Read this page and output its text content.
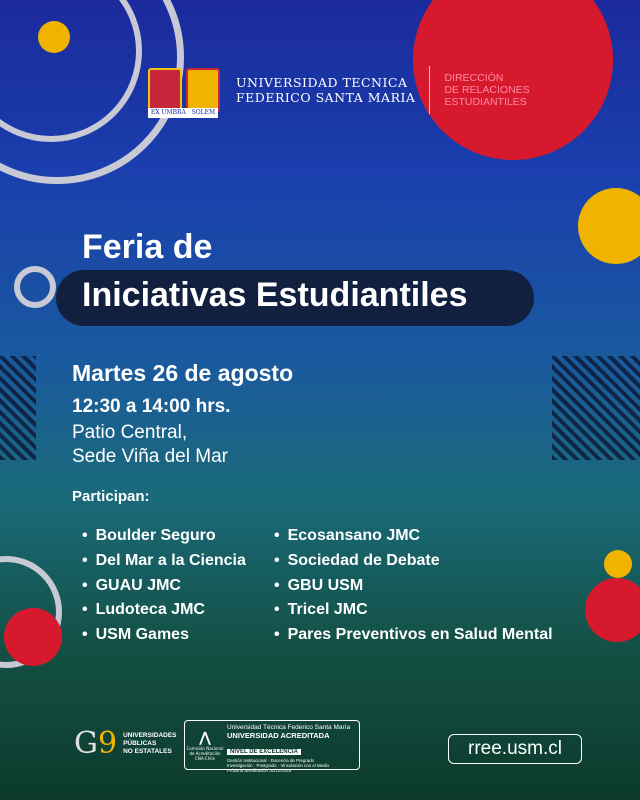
UNIVERSIDAD TECNICA
FEDERICO SANTA MARIA
DIRECCIÓN
DE RELACIONES
ESTUDIANTILES
EX UMBRA SOLEM
Feria de
Iniciativas Estudiantiles
Martes 26 de agosto
12:30 a 14:00 hrs.
Patio Central,
Sede Viña del Mar
Participan:
• Boulder Seguro
• Del Mar a la Ciencia
• GUAU JMC
• Ludoteca JMC
• USM Games
• Ecosansano JMC
• Sociedad de Debate
• GBU USM
• Tricel JMC
• Pares Preventivos en Salud Mental
G9 UNIVERSIDADES
PÚBLICAS
NO ESTATALES
⋀
Comisión Nacional
de Acreditación
CNA-Chile
Universidad Técnica Federico Santa María
UNIVERSIDAD ACREDITADA
NIVEL DE EXCELENCIA
Gestión Institucional · Docencia de Pregrado
Investigación · Postgrado · Vinculación con el Medio
Próxima acreditación 30/12/2028
rree.usm.cl
